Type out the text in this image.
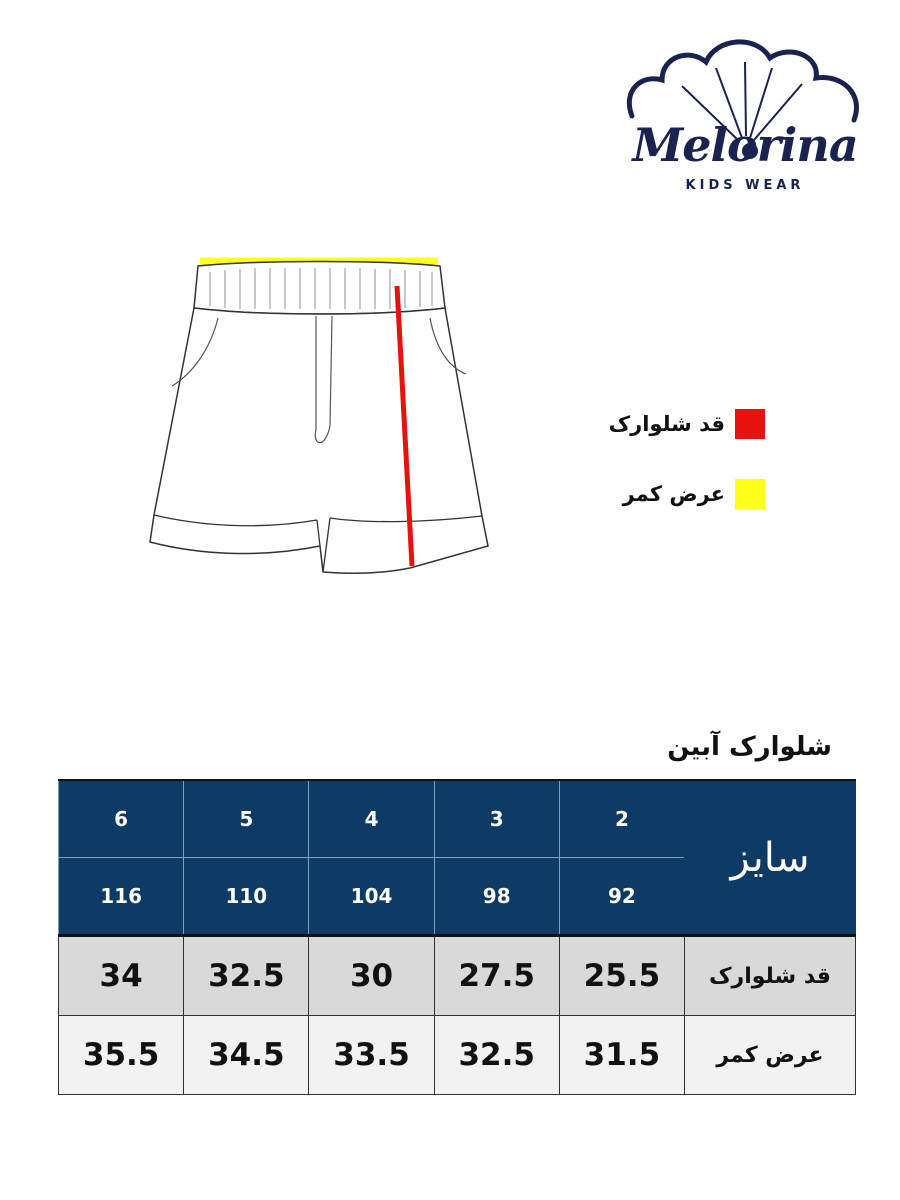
Melorina
KIDS WEAR
قد شلوارک
عرض کمر
شلوارک آبین
سایز	2	3	4	5	6
	92	98	104	110	116
قد شلوارک	25.5	27.5	30	32.5	34
عرض کمر	31.5	32.5	33.5	34.5	35.5
